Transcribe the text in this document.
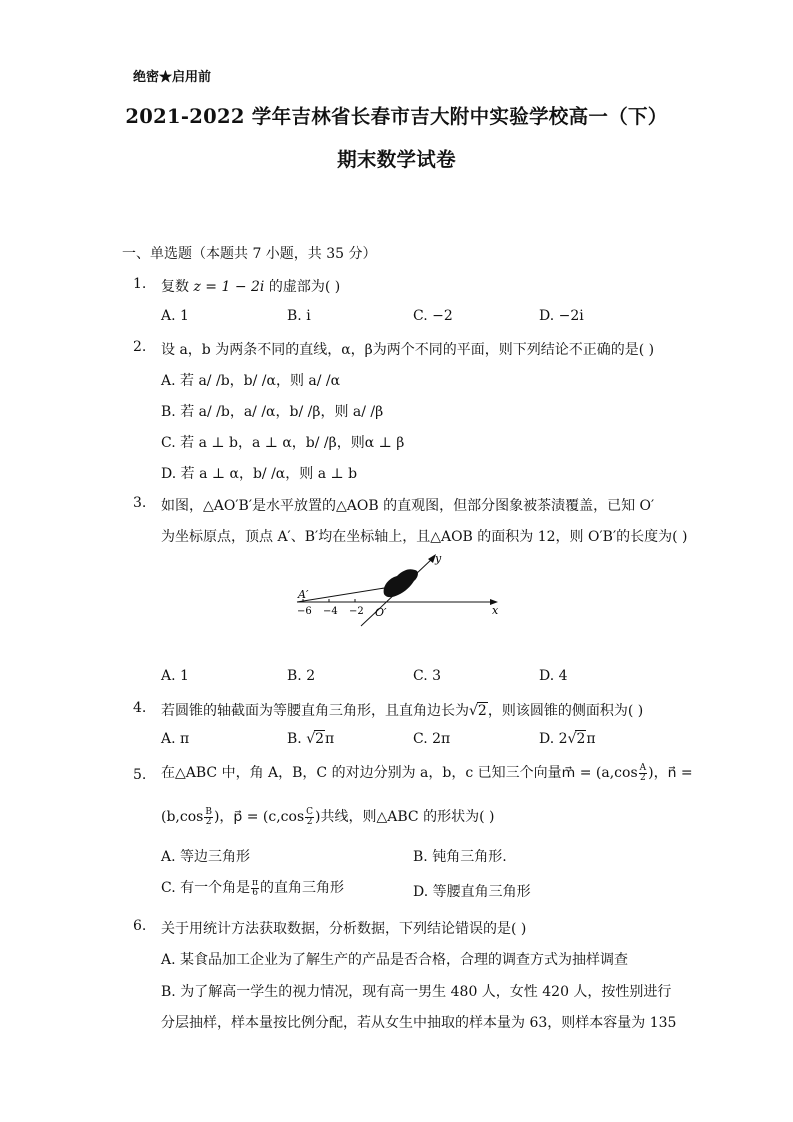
绝密★启用前
2021-2022 学年吉林省长春市吉大附中实验学校高一（下）
期末数学试卷
一、单选题（本题共 7 小题，共 35 分）
1. 复数 z = 1 − 2i 的虚部为( )
A. 1	B. i	C. −2	D. −2i
2. 设 a，b 为两条不同的直线，α，β为两个不同的平面，则下列结论不正确的是( )
A. 若 a/ /b，b/ /α，则 a/ /α
B. 若 a/ /b，a/ /α，b/ /β，则 a/ /β
C. 若 a ⊥ b，a ⊥ α，b/ /β，则α ⊥ β
D. 若 a ⊥ α，b/ /α，则 a ⊥ b
3. 如图，△AO′B′是水平放置的△AOB 的直观图，但部分图象被茶渍覆盖，已知 O′
为坐标原点，顶点 A′、B′均在坐标轴上，且△AOB 的面积为 12，则 O′B′的长度为( )
A′
−6 −4 −2 O′	x
y
A. 1	B. 2	C. 3	D. 4
4. 若圆锥的轴截面为等腰直角三角形，且直角边长为√2，则该圆锥的侧面积为( )
A. π	B. √2π	C. 2π	D. 2√2π
5. 在△ABC 中，角 A，B，C 的对边分别为 a，b，c 已知三个向量m⃗ = ($a,\cos \frac{A}{2}$ )，n⃗ =
($b,\cos \frac{B}{2}$ )，p⃗ = ($c,\cos \frac{C}{2}$ )共线，则△ABC 的形状为( )
A. 等边三角形	B. 钝角三角形.
C. 有一个角是 $\frac{\pi}{6}$ 的直角三角形	D. 等腰直角三角形
6. 关于用统计方法获取数据，分析数据，下列结论错误的是( )
A. 某食品加工企业为了解生产的产品是否合格，合理的调查方式为抽样调查
B. 为了解高一学生的视力情况，现有高一男生 480 人，女性 420 人，按性别进行
分层抽样，样本量按比例分配，若从女生中抽取的样本量为 63，则样本容量为 135
